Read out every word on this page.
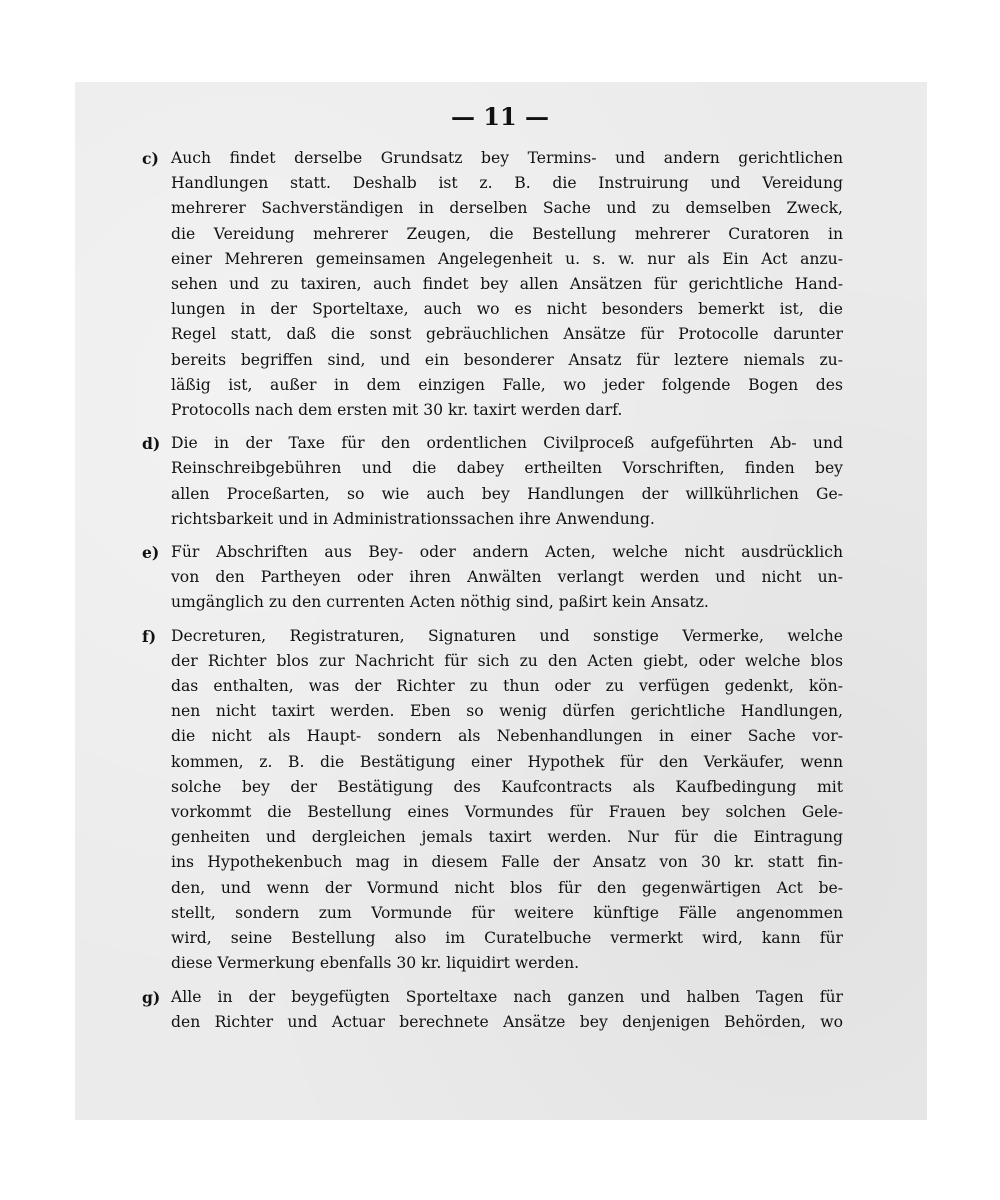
— 11 —
c) Auch findet derselbe Grundsatz bey Termins- und andern gerichtlichen
Handlungen statt. Deshalb ist z. B. die Instruirung und Vereidung
mehrerer Sachverständigen in derselben Sache und zu demselben Zweck,
die Vereidung mehrerer Zeugen, die Bestellung mehrerer Curatoren in
einer Mehreren gemeinsamen Angelegenheit u. s. w. nur als Ein Act anzu-
sehen und zu taxiren, auch findet bey allen Ansätzen für gerichtliche Hand-
lungen in der Sporteltaxe, auch wo es nicht besonders bemerkt ist, die
Regel statt, daß die sonst gebräuchlichen Ansätze für Protocolle darunter
bereits begriffen sind, und ein besonderer Ansatz für leztere niemals zu-
läßig ist, außer in dem einzigen Falle, wo jeder folgende Bogen des
Protocolls nach dem ersten mit 30 kr. taxirt werden darf.
d) Die in der Taxe für den ordentlichen Civilproceß aufgeführten Ab- und
Reinschreibgebühren und die dabey ertheilten Vorschriften, finden bey
allen Proceßarten, so wie auch bey Handlungen der willkührlichen Ge-
richtsbarkeit und in Administrationssachen ihre Anwendung.
e) Für Abschriften aus Bey- oder andern Acten, welche nicht ausdrücklich
von den Partheyen oder ihren Anwälten verlangt werden und nicht un-
umgänglich zu den currenten Acten nöthig sind, paßirt kein Ansatz.
f) Decreturen, Registraturen, Signaturen und sonstige Vermerke, welche
der Richter blos zur Nachricht für sich zu den Acten giebt, oder welche blos
das enthalten, was der Richter zu thun oder zu verfügen gedenkt, kön-
nen nicht taxirt werden. Eben so wenig dürfen gerichtliche Handlungen,
die nicht als Haupt- sondern als Nebenhandlungen in einer Sache vor-
kommen, z. B. die Bestätigung einer Hypothek für den Verkäufer, wenn
solche bey der Bestätigung des Kaufcontracts als Kaufbedingung mit
vorkommt die Bestellung eines Vormundes für Frauen bey solchen Gele-
genheiten und dergleichen jemals taxirt werden. Nur für die Eintragung
ins Hypothekenbuch mag in diesem Falle der Ansatz von 30 kr. statt fin-
den, und wenn der Vormund nicht blos für den gegenwärtigen Act be-
stellt, sondern zum Vormunde für weitere künftige Fälle angenommen
wird, seine Bestellung also im Curatelbuche vermerkt wird, kann für
diese Vermerkung ebenfalls 30 kr. liquidirt werden.
g) Alle in der beygefügten Sporteltaxe nach ganzen und halben Tagen für
den Richter und Actuar berechnete Ansätze bey denjenigen Behörden, wo
